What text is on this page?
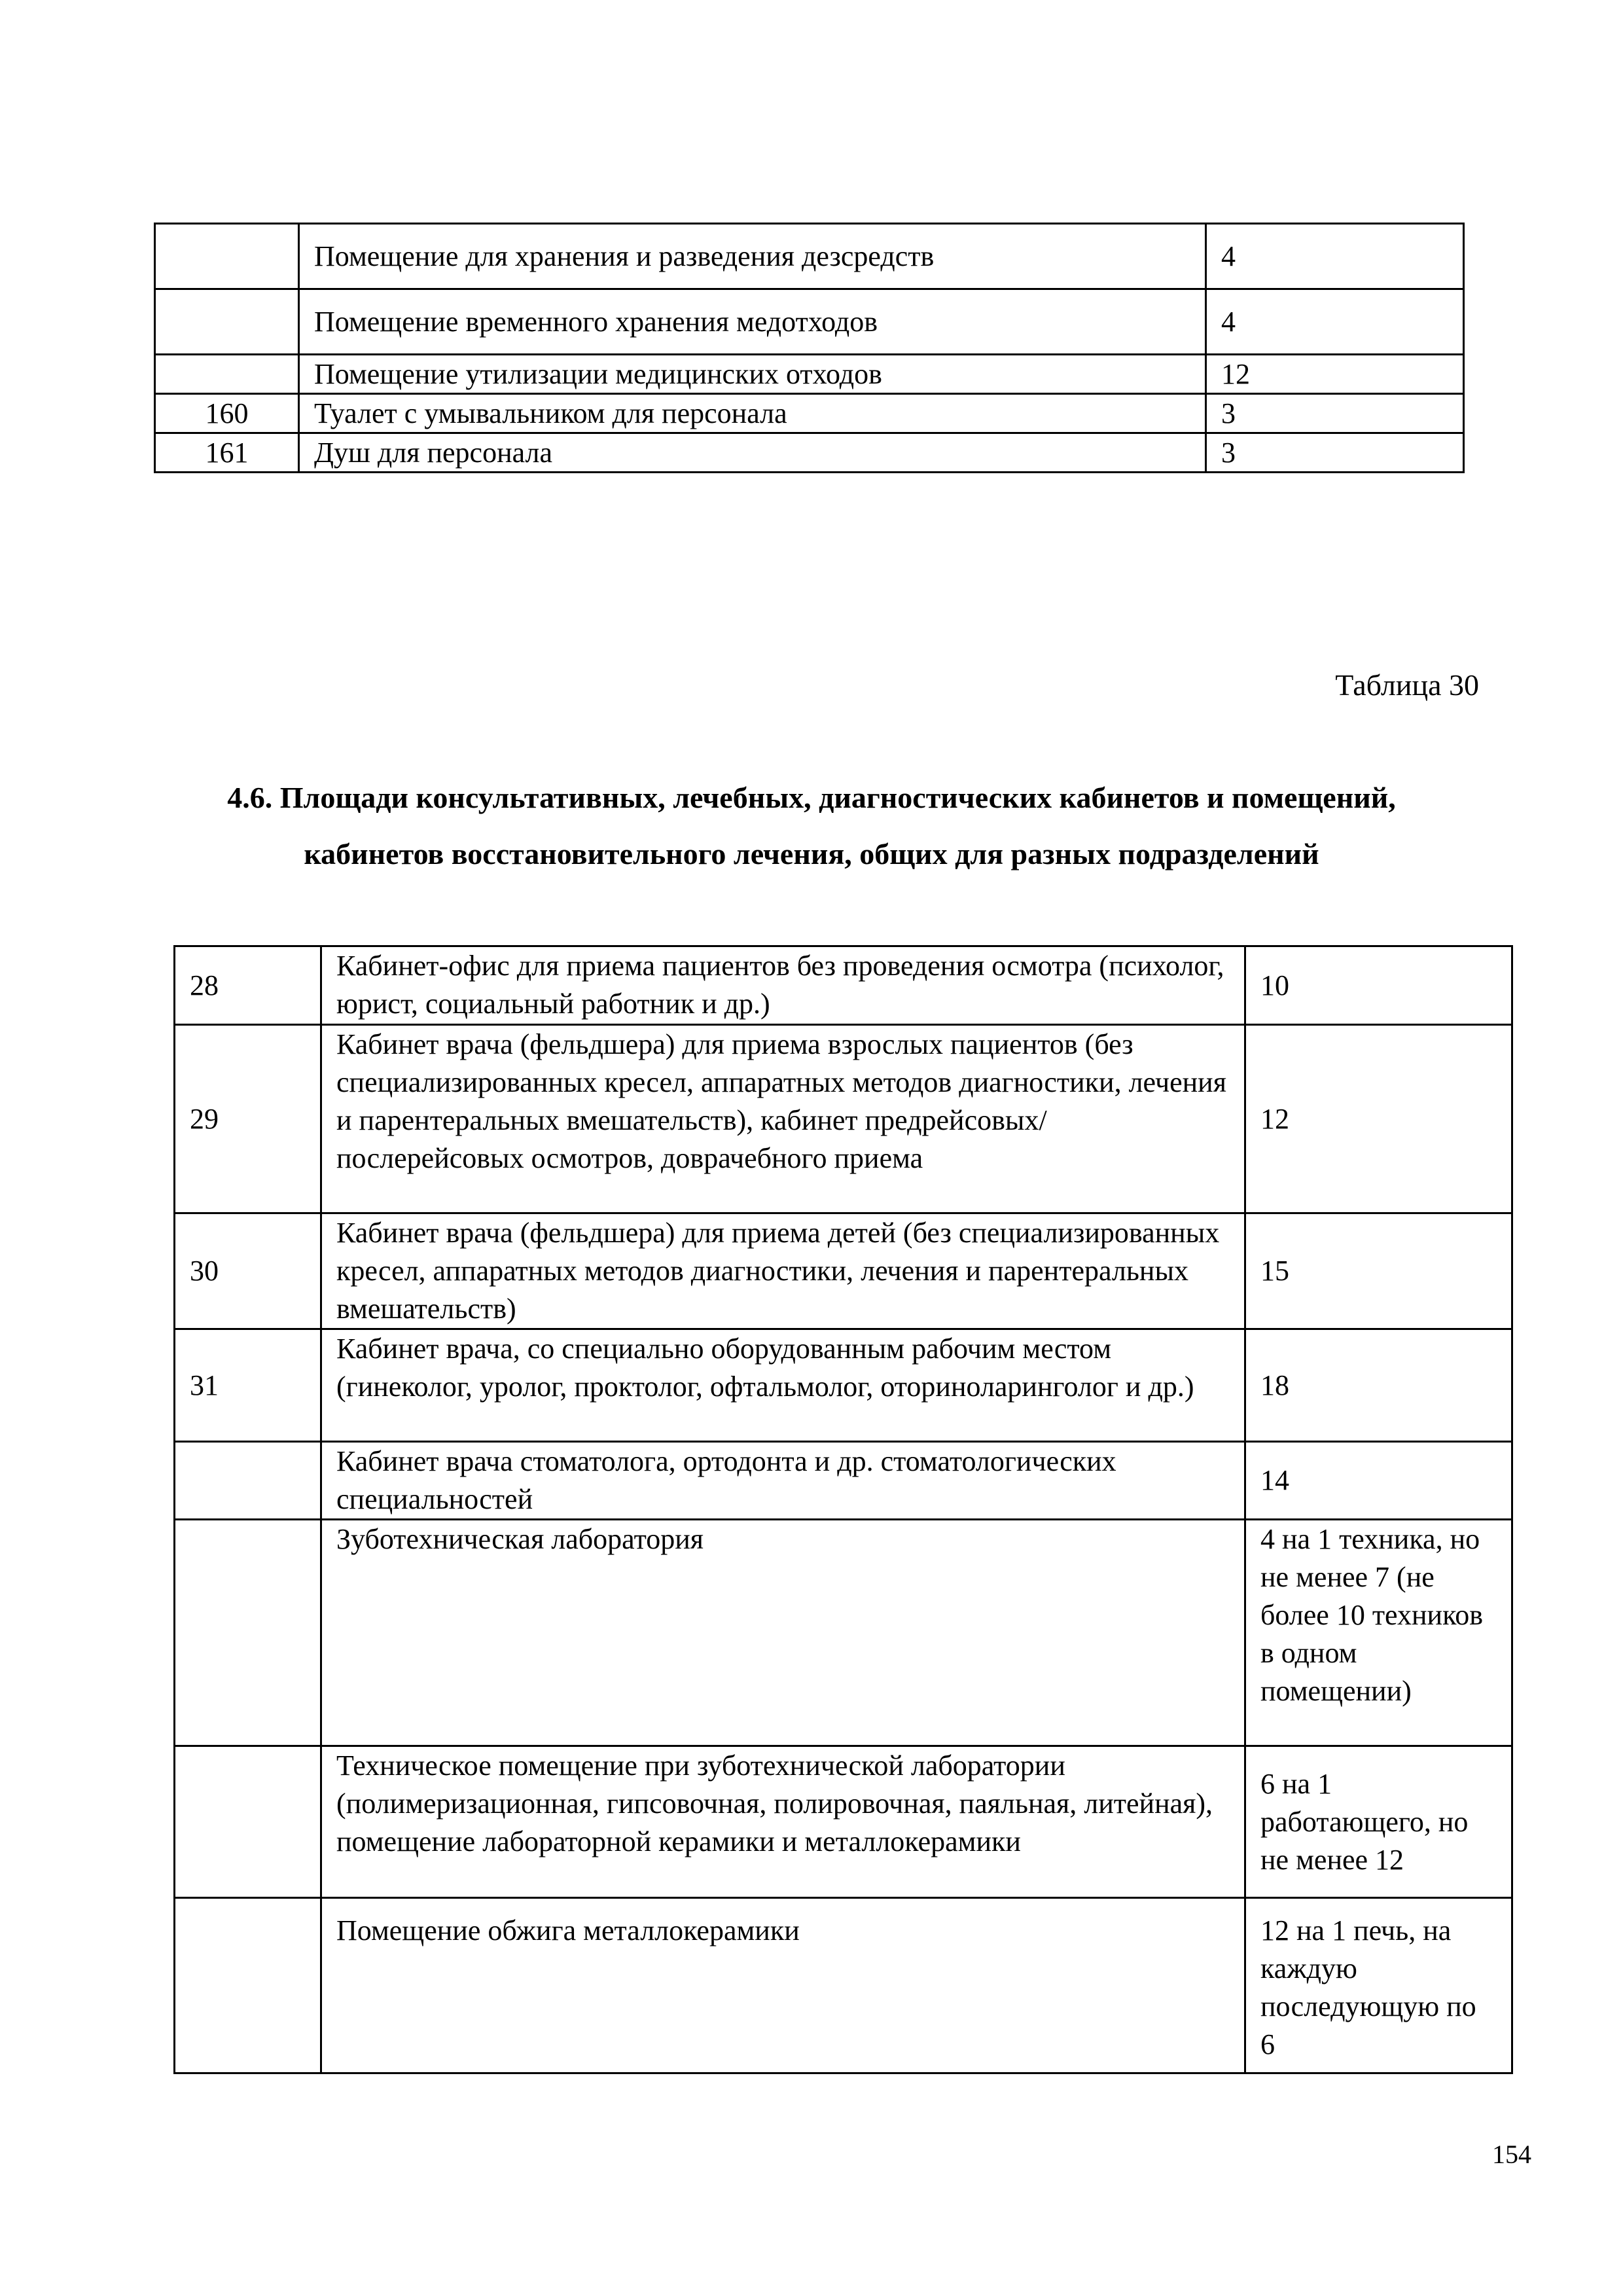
	Помещение для хранения и разведения дезсредств	4
	Помещение временного хранения медотходов	4
	Помещение утилизации медицинских отходов	12
160	Туалет с умывальником для персонала	3
161	Душ для персонала	3
Таблица 30
4.6. Площади консультативных, лечебных, диагностических кабинетов и помещений,
кабинетов восстановительного лечения, общих для разных подразделений
28	Кабинет-офис для приема пациентов без проведения осмотра (психолог, юрист, социальный работник и др.)	10
29	Кабинет врача (фельдшера) для приема взрослых пациентов (без специализированных кресел, аппаратных методов диагностики, лечения и парентеральных вмешательств), кабинет предрейсовых/послерейсовых осмотров, доврачебного приема	12
30	Кабинет врача (фельдшера) для приема детей (без специализированных кресел, аппаратных методов диагностики, лечения и парентеральных вмешательств)	15
31	Кабинет врача, со специально оборудованным рабочим местом (гинеколог, уролог, проктолог, офтальмолог, оториноларинголог и др.)	18
	Кабинет врача стоматолога, ортодонта и др. стоматологических специальностей	14
	Зуботехническая лаборатория	4 на 1 техника, но не менее 7 (не более 10 техников в одном помещении)
	Техническое помещение при зуботехнической лаборатории (полимеризационная, гипсовочная, полировочная, паяльная, литейная), помещение лабораторной керамики и металлокерамики	6 на 1 работающего, но не менее 12
	Помещение обжига металлокерамики	12 на 1 печь, на каждую последующую по 6
154
